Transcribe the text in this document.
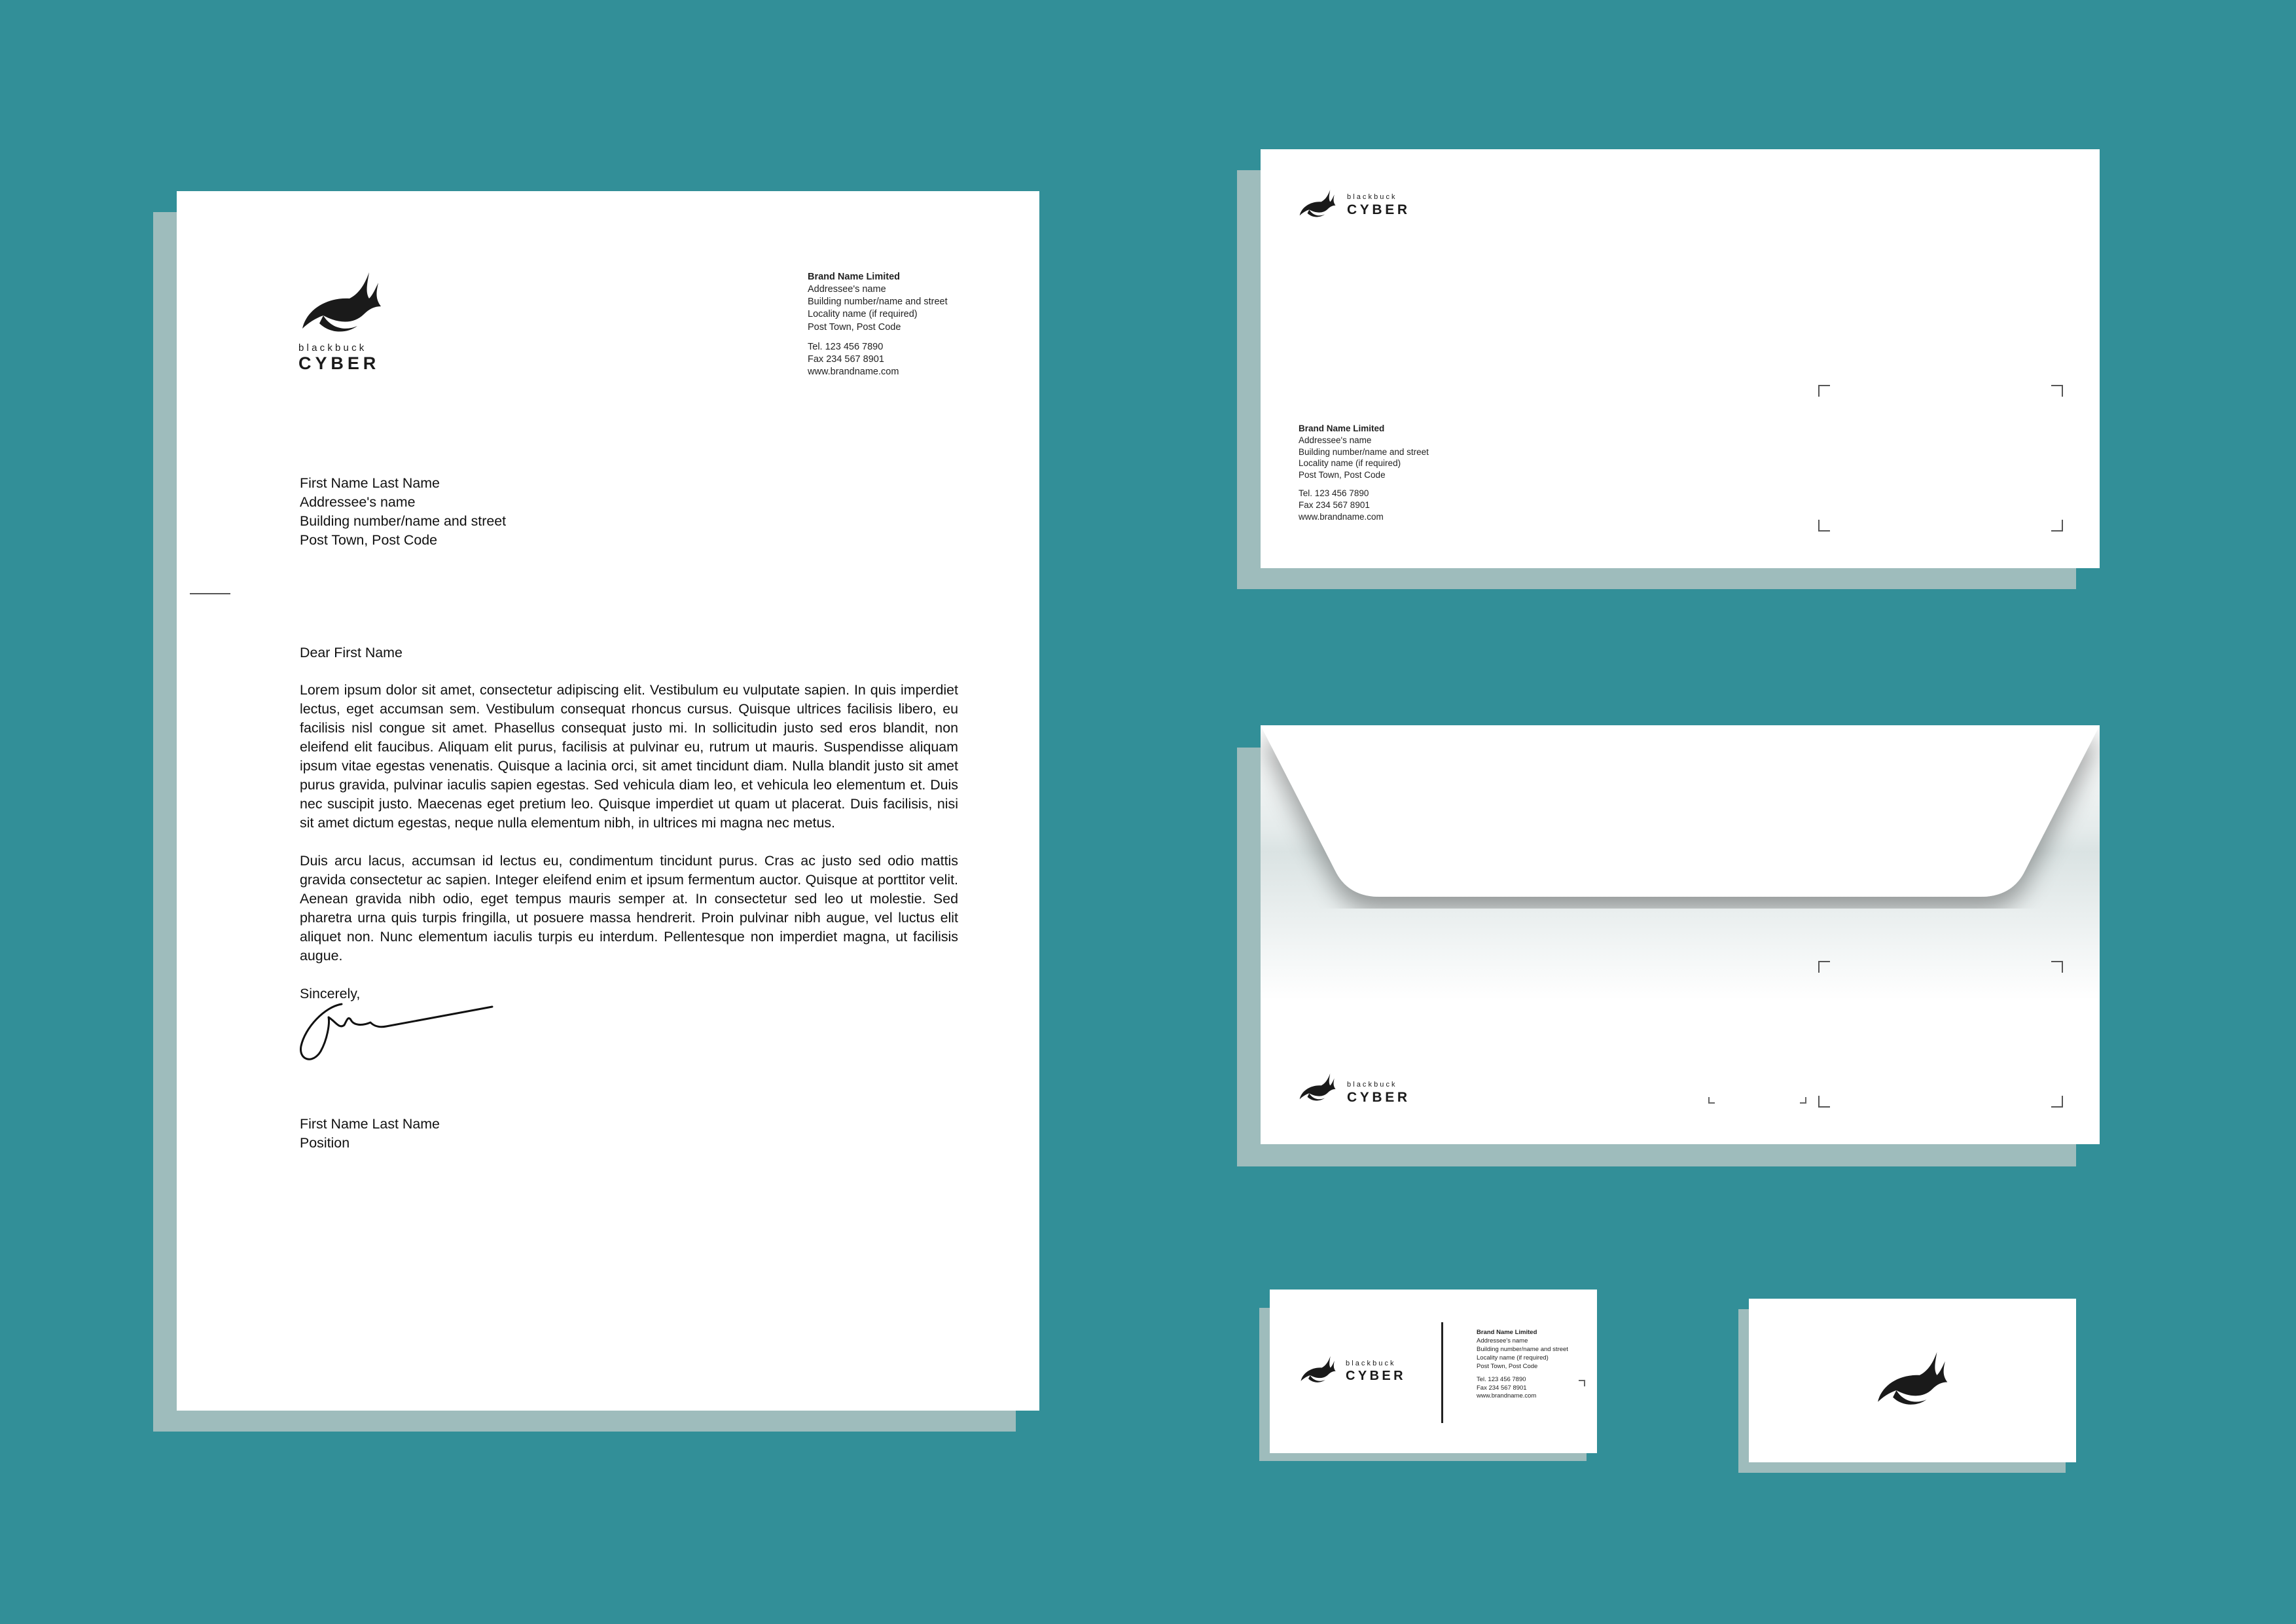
blackbuck
CYBER
Brand Name Limited
Addressee's name
Building number/name and street
Locality name (if required)
Post Town, Post Code
Tel. 123 456 7890
Fax 234 567 8901
www.brandname.com
First Name Last Name
Addressee's name
Building number/name and street
Post Town, Post Code
Dear First Name
Lorem ipsum dolor sit amet, consectetur adipiscing elit. Vestibulum eu vulputate sapien. In quis imperdiet lectus, eget accumsan sem. Vestibulum consequat rhoncus cursus. Quisque ultrices facilisis libero, eu facilisis nisl congue sit amet. Phasellus consequat justo mi. In sollicitudin justo sed eros blandit, non eleifend elit faucibus. Aliquam elit purus, facilisis at pulvinar eu, rutrum ut mauris. Suspendisse aliquam ipsum vitae egestas venenatis. Quisque a lacinia orci, sit amet tincidunt diam. Nulla blandit justo sit amet purus gravida, pulvinar iaculis sapien egestas. Sed vehicula diam leo, et vehicula leo elementum et. Duis nec suscipit justo. Maecenas eget pretium leo. Quisque imperdiet ut quam ut placerat. Duis facilisis, nisi sit amet dictum egestas, neque nulla elementum nibh, in ultrices mi magna nec metus.
Duis arcu lacus, accumsan id lectus eu, condimentum tincidunt purus. Cras ac justo sed odio mattis gravida consectetur ac sapien. Integer eleifend enim et ipsum fermentum auctor. Quisque at porttitor velit. Aenean gravida nibh odio, eget tempus mauris semper at. In consectetur sed leo ut molestie. Sed pharetra urna quis turpis fringilla, ut posuere massa hendrerit. Proin pulvinar nibh augue, vel luctus elit aliquet non. Nunc elementum iaculis turpis eu interdum. Pellentesque non imperdiet magna, ut facilisis augue.
Sincerely,
First Name Last Name
Position
blackbuck
CYBER
Brand Name Limited
Addressee's name
Building number/name and street
Locality name (if required)
Post Town, Post Code
Tel. 123 456 7890
Fax 234 567 8901
www.brandname.com
blackbuck
CYBER
blackbuck
CYBER
Brand Name Limited
Addressee's name
Building number/name and street
Locality name (if required)
Post Town, Post Code
Tel. 123 456 7890
Fax 234 567 8901
www.brandname.com
